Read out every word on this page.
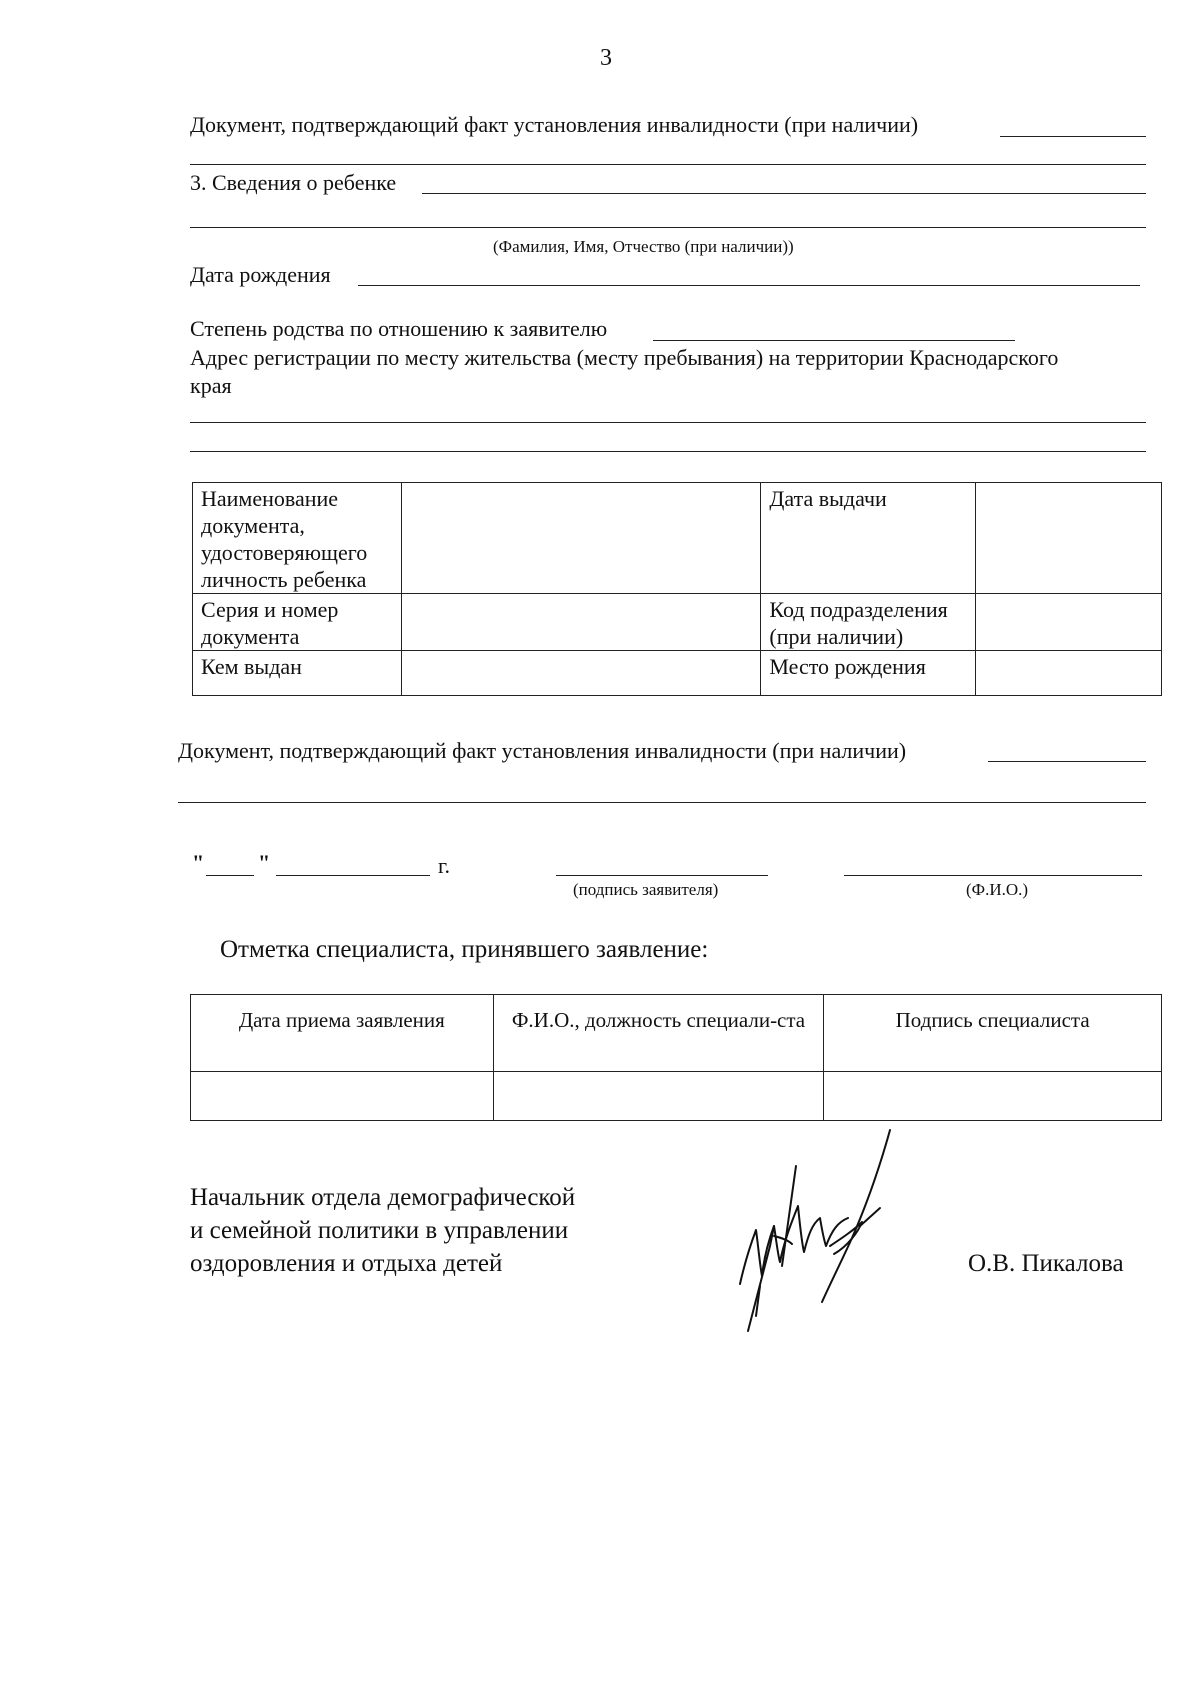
3
Документ, подтверждающий факт установления инвалидности (при наличии)
3. Сведения о ребенке
(Фамилия, Имя, Отчество (при наличии))
Дата рождения
Степень родства по отношению к заявителю
Адрес регистрации по месту жительства (месту пребывания) на территории Краснодарского
края
Наименование документа, удостоверяющего личность ребенка		Дата выдачи	
Серия и номер документа		Код подразделения (при наличии)	
Кем выдан		Место рождения	
Документ, подтверждающий факт установления инвалидности (при наличии)
" "	г.
(подпись заявителя)	(Ф.И.О.)
Отметка специалиста, принявшего заявление:
Дата приема заявления	Ф.И.О., должность специали-ста	Подпись специалиста

Начальник отдела демографической
и семейной политики в управлении
оздоровления и отдыха детей	О.В. Пикалова
